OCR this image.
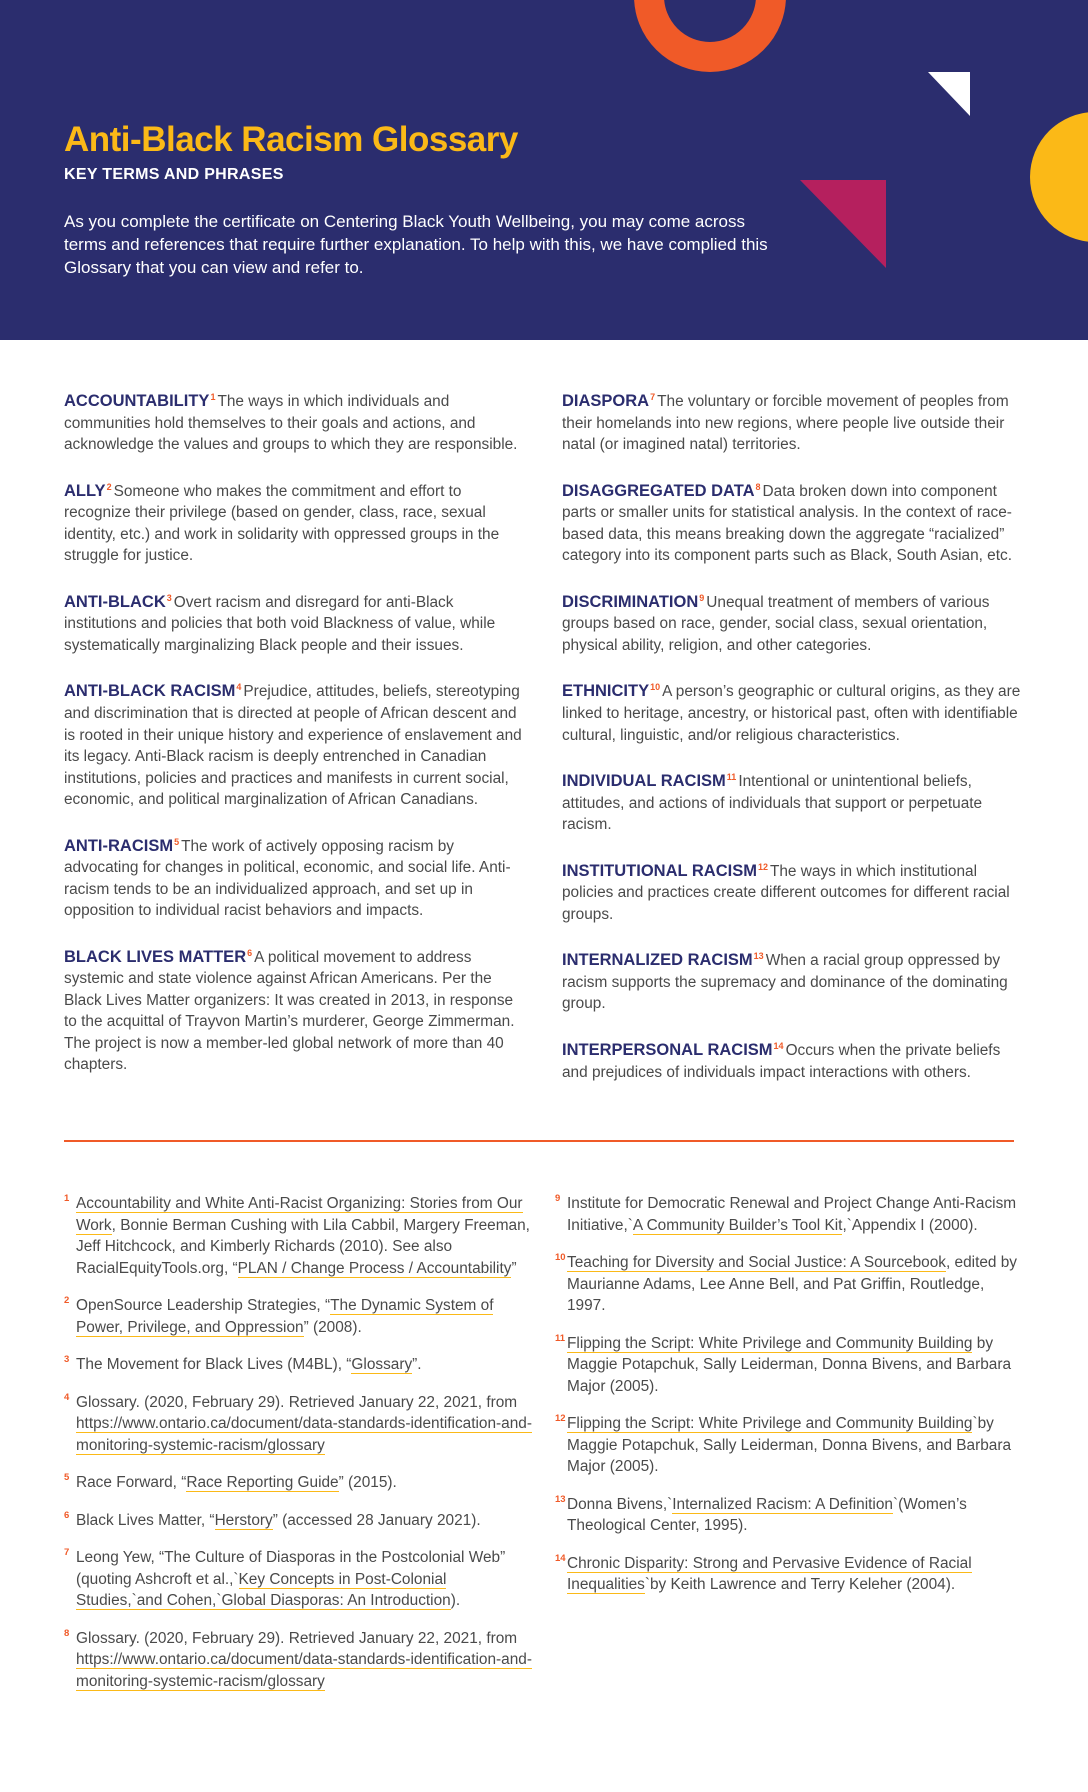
Anti-Black Racism Glossary
KEY TERMS AND PHRASES

As you complete the certificate on Centering Black Youth Wellbeing, you may come across terms and references that require further explanation. To help with this, we have complied this Glossary that you can view and refer to.

ACCOUNTABILITY$^1$ The ways in which individuals and communities hold themselves to their goals and actions, and acknowledge the values and groups to which they are responsible.

ALLY$^2$ Someone who makes the commitment and effort to recognize their privilege (based on gender, class, race, sexual identity, etc.) and work in solidarity with oppressed groups in the struggle for justice.

ANTI-BLACK$^3$ Overt racism and disregard for anti-Black institutions and policies that both void Blackness of value, while systematically marginalizing Black people and their issues.

ANTI-BLACK RACISM$^4$ Prejudice, attitudes, beliefs, stereotyping and discrimination that is directed at people of African descent and is rooted in their unique history and experience of enslavement and its legacy. Anti-Black racism is deeply entrenched in Canadian institutions, policies and practices and manifests in current social, economic, and political marginalization of African Canadians.

ANTI-RACISM$^5$ The work of actively opposing racism by advocating for changes in political, economic, and social life. Anti-racism tends to be an individualized approach, and set up in opposition to individual racist behaviors and impacts.

BLACK LIVES MATTER$^6$ A political movement to address systemic and state violence against African Americans. Per the Black Lives Matter organizers: It was created in 2013, in response to the acquittal of Trayvon Martin’s murderer, George Zimmerman. The project is now a member-led global network of more than 40 chapters.

DIASPORA$^7$ The voluntary or forcible movement of peoples from their homelands into new regions, where people live outside their natal (or imagined natal) territories.

DISAGGREGATED DATA$^8$ Data broken down into component parts or smaller units for statistical analysis. In the context of race-based data, this means breaking down the aggregate “racialized” category into its component parts such as Black, South Asian, etc.

DISCRIMINATION$^9$ Unequal treatment of members of various groups based on race, gender, social class, sexual orientation, physical ability, religion, and other categories.

ETHNICITY$^{10}$ A person’s geographic or cultural origins, as they are linked to heritage, ancestry, or historical past, often with identifiable cultural, linguistic, and/or religious characteristics.

INDIVIDUAL RACISM$^{11}$ Intentional or unintentional beliefs, attitudes, and actions of individuals that support or perpetuate racism.

INSTITUTIONAL RACISM$^{12}$ The ways in which institutional policies and practices create different outcomes for different racial groups.

INTERNALIZED RACISM$^{13}$ When a racial group oppressed by racism supports the supremacy and dominance of the dominating group.

INTERPERSONAL RACISM$^{14}$ Occurs when the private beliefs and prejudices of individuals impact interactions with others.

1 Accountability and White Anti-Racist Organizing: Stories from Our Work, Bonnie Berman Cushing with Lila Cabbil, Margery Freeman, Jeff Hitchcock, and Kimberly Richards (2010). See also RacialEquityTools.org, “PLAN / Change Process / Accountability”

2 OpenSource Leadership Strategies, “The Dynamic System of Power, Privilege, and Oppression” (2008).

3 The Movement for Black Lives (M4BL), “Glossary”.

4 Glossary. (2020, February 29). Retrieved January 22, 2021, from https://www.ontario.ca/document/data-standards-identification-and-monitoring-systemic-racism/glossary

5 Race Forward, “Race Reporting Guide” (2015).

6 Black Lives Matter, “Herstory” (accessed 28 January 2021).

7 Leong Yew, “The Culture of Diasporas in the Postcolonial Web” (quoting Ashcroft et al.,`Key Concepts in Post-Colonial Studies,`and Cohen,`Global Diasporas: An Introduction).

8 Glossary. (2020, February 29). Retrieved January 22, 2021, from https://www.ontario.ca/document/data-standards-identification-and-monitoring-systemic-racism/glossary

9 Institute for Democratic Renewal and Project Change Anti-Racism Initiative,`A Community Builder’s Tool Kit,`Appendix I (2000).

10 Teaching for Diversity and Social Justice: A Sourcebook, edited by Maurianne Adams, Lee Anne Bell, and Pat Griffin, Routledge, 1997.

11 Flipping the Script: White Privilege and Community Building by Maggie Potapchuk, Sally Leiderman, Donna Bivens, and Barbara Major (2005).

12 Flipping the Script: White Privilege and Community Building`by Maggie Potapchuk, Sally Leiderman, Donna Bivens, and Barbara Major (2005).

13 Donna Bivens,`Internalized Racism: A Definition`(Women’s Theological Center, 1995).

14 Chronic Disparity: Strong and Pervasive Evidence of Racial Inequalities`by Keith Lawrence and Terry Keleher (2004).
